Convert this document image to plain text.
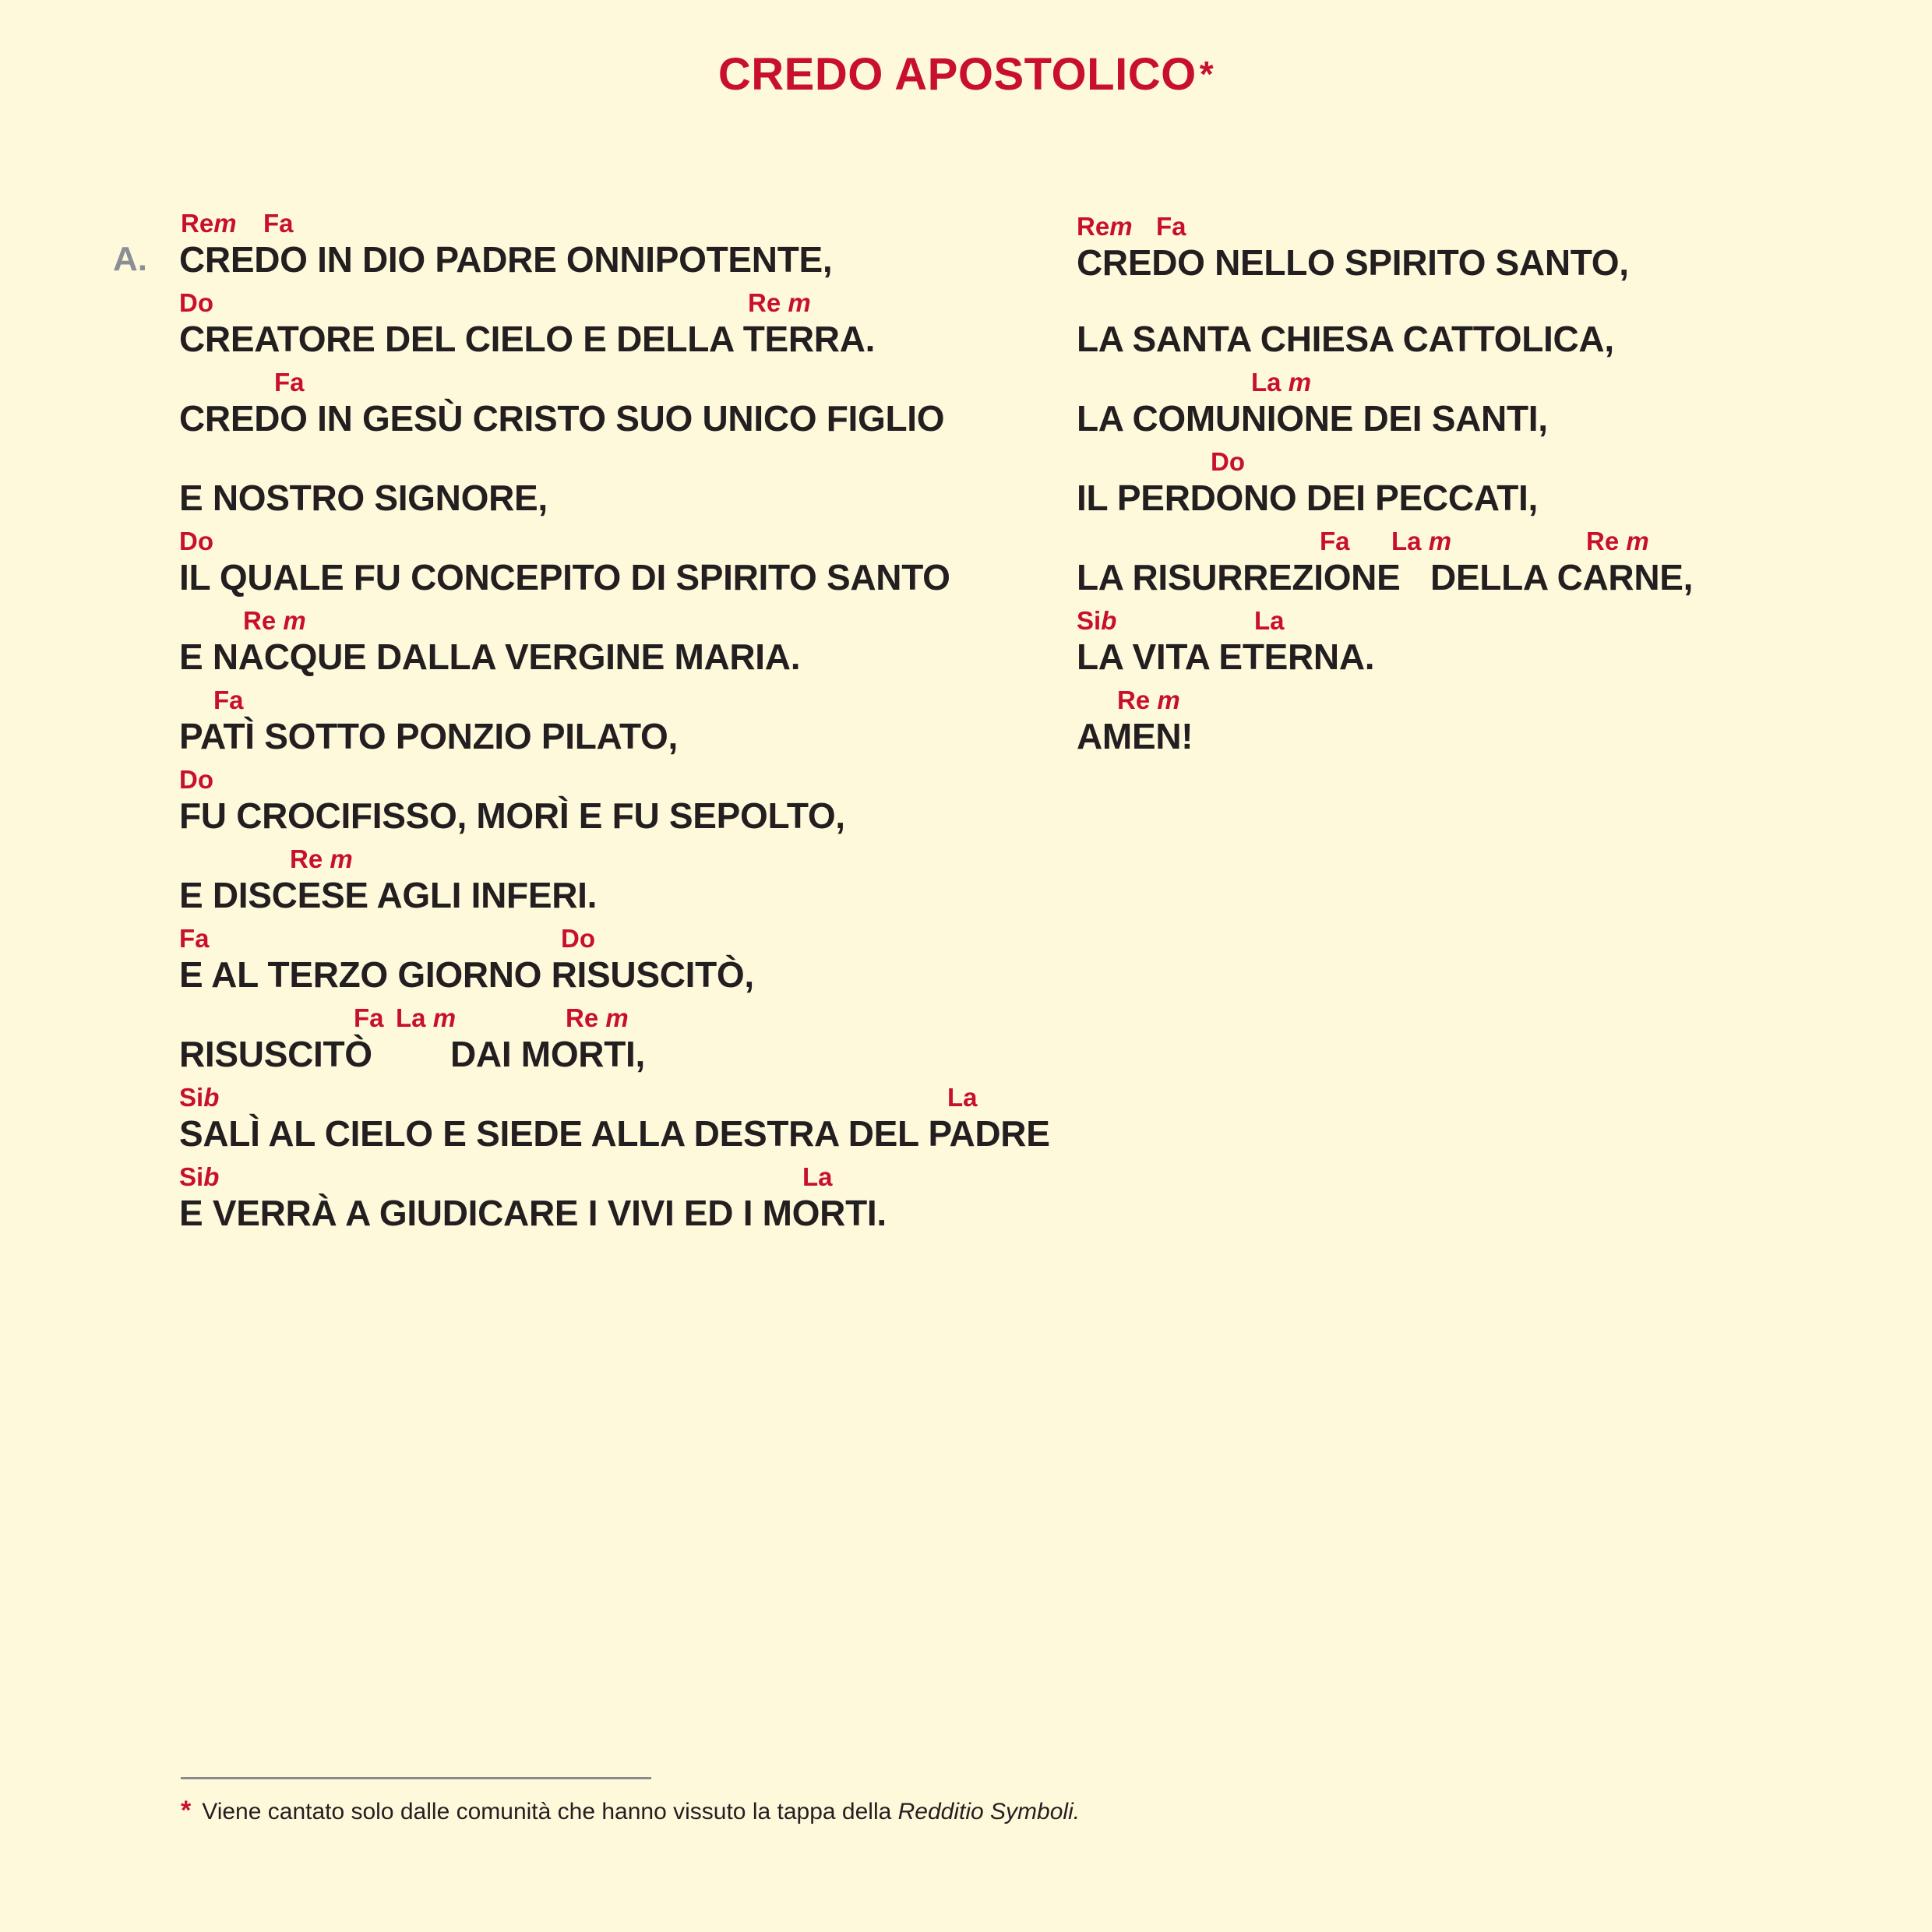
CREDO APOSTOLICO*
A.
Rem Fa
CREDO IN DIO PADRE ONNIPOTENTE,
Do	Re m
CREATORE DEL CIELO E DELLA TERRA.
Fa
CREDO IN GESÙ CRISTO SUO UNICO FIGLIO
E NOSTRO SIGNORE,
Do
IL QUALE FU CONCEPITO DI SPIRITO SANTO
Re m
E NACQUE DALLA VERGINE MARIA.
Fa
PATÌ SOTTO PONZIO PILATO,
Do
FU CROCIFISSO, MORÌ E FU SEPOLTO,
Re m
E DISCESE AGLI INFERI.
Fa	Do
E AL TERZO GIORNO RISUSCITÒ,
Fa La m	Re m
RISUSCITÒ DAI MORTI,
Sib	La
SALÌ AL CIELO E SIEDE ALLA DESTRA DEL PADRE
Sib	La
E VERRÀ A GIUDICARE I VIVI ED I MORTI.
Rem Fa
CREDO NELLO SPIRITO SANTO,
LA SANTA CHIESA CATTOLICA,
La m
LA COMUNIONE DEI SANTI,
Do
IL PERDONO DEI PECCATI,
Fa La m	Re m
LA RISURREZIONE DELLA CARNE,
Sib	La
LA VITA ETERNA.
Re m
AMEN!
* Viene cantato solo dalle comunità che hanno vissuto la tappa della Redditio Symboli.
